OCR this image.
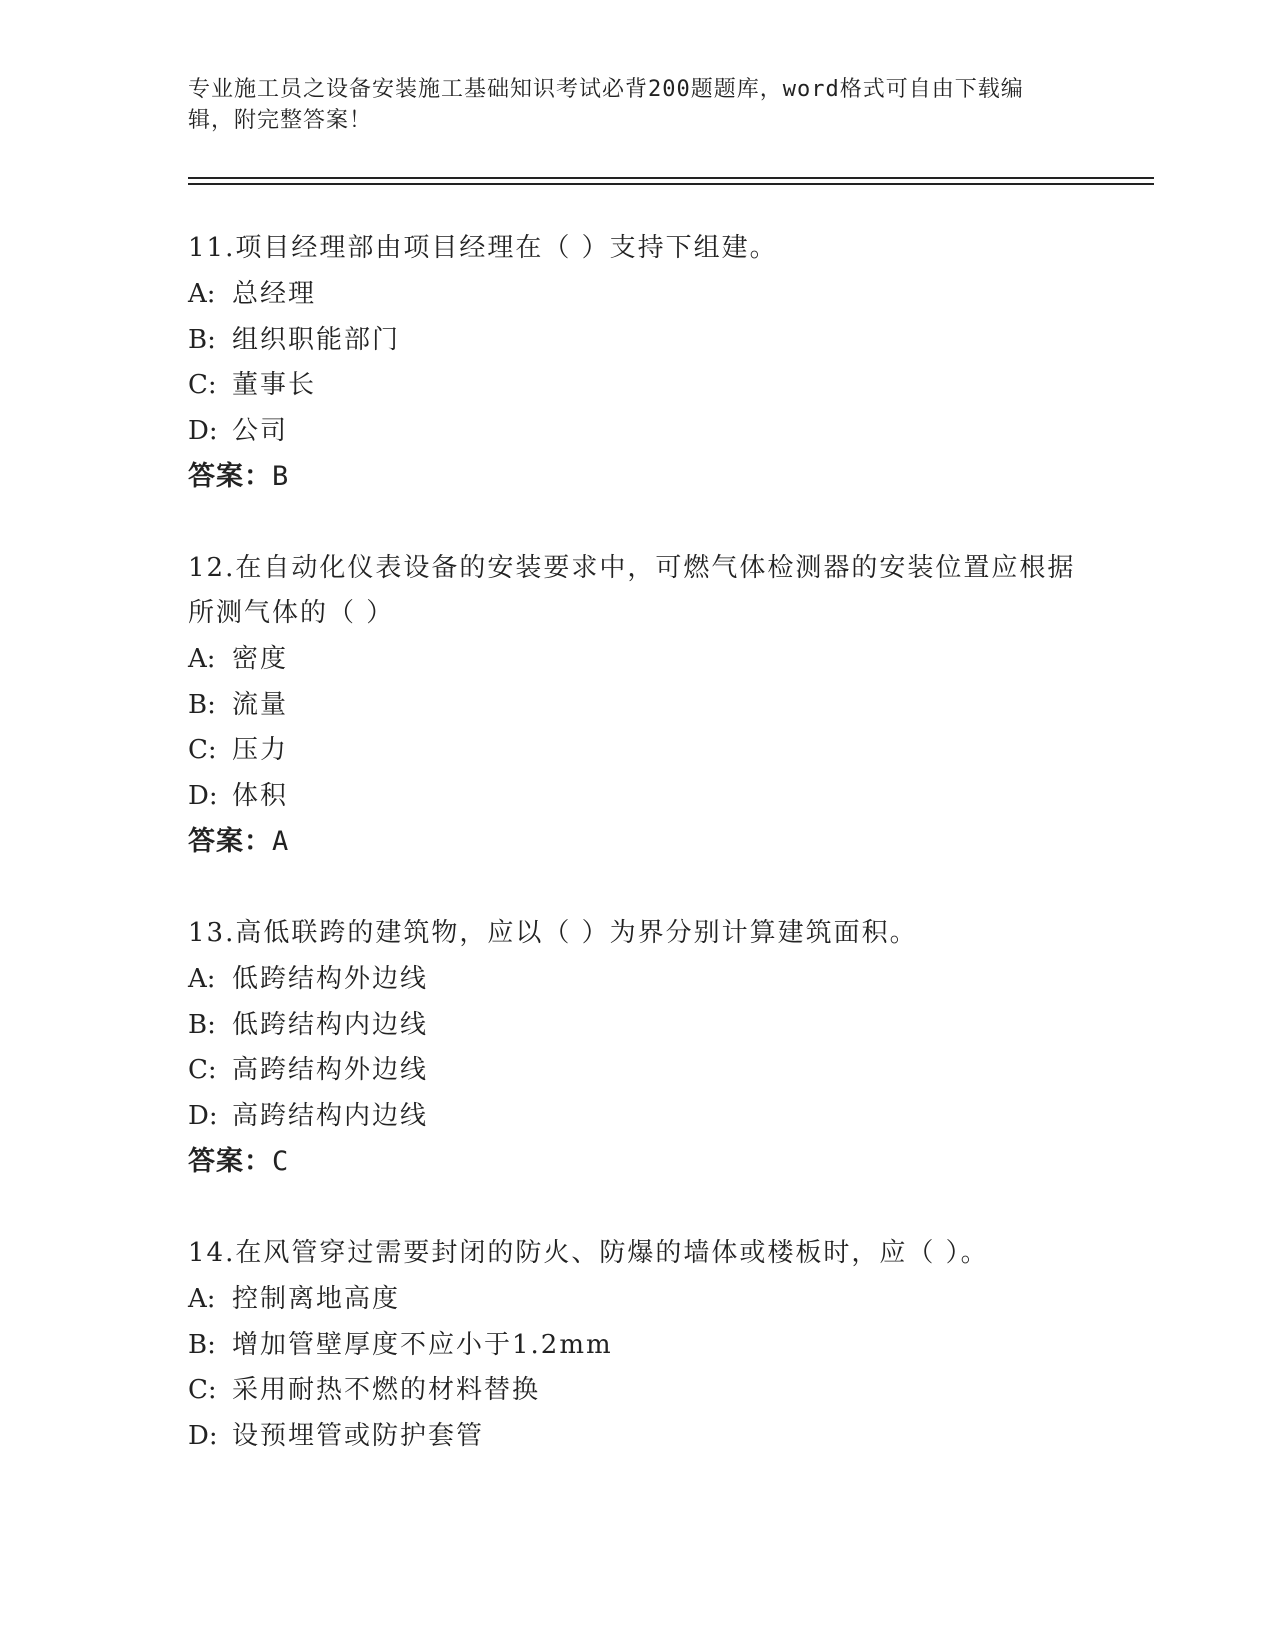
专业施工员之设备安装施工基础知识考试必背200题题库，word格式可自由下载编辑，附完整答案！
11.项目经理部由项目经理在（ ）支持下组建。
A: 总经理
B: 组织职能部门
C: 董事长
D: 公司
答案：B
12.在自动化仪表设备的安装要求中，可燃气体检测器的安装位置应根据所测气体的（ ）
A: 密度
B: 流量
C: 压力
D: 体积
答案：A
13.高低联跨的建筑物，应以（ ）为界分别计算建筑面积。
A: 低跨结构外边线
B: 低跨结构内边线
C: 高跨结构外边线
D: 高跨结构内边线
答案：C
14.在风管穿过需要封闭的防火、防爆的墙体或楼板时，应（ ）。
A: 控制离地高度
B: 增加管壁厚度不应小于1.2mm
C: 采用耐热不燃的材料替换
D: 设预埋管或防护套管
